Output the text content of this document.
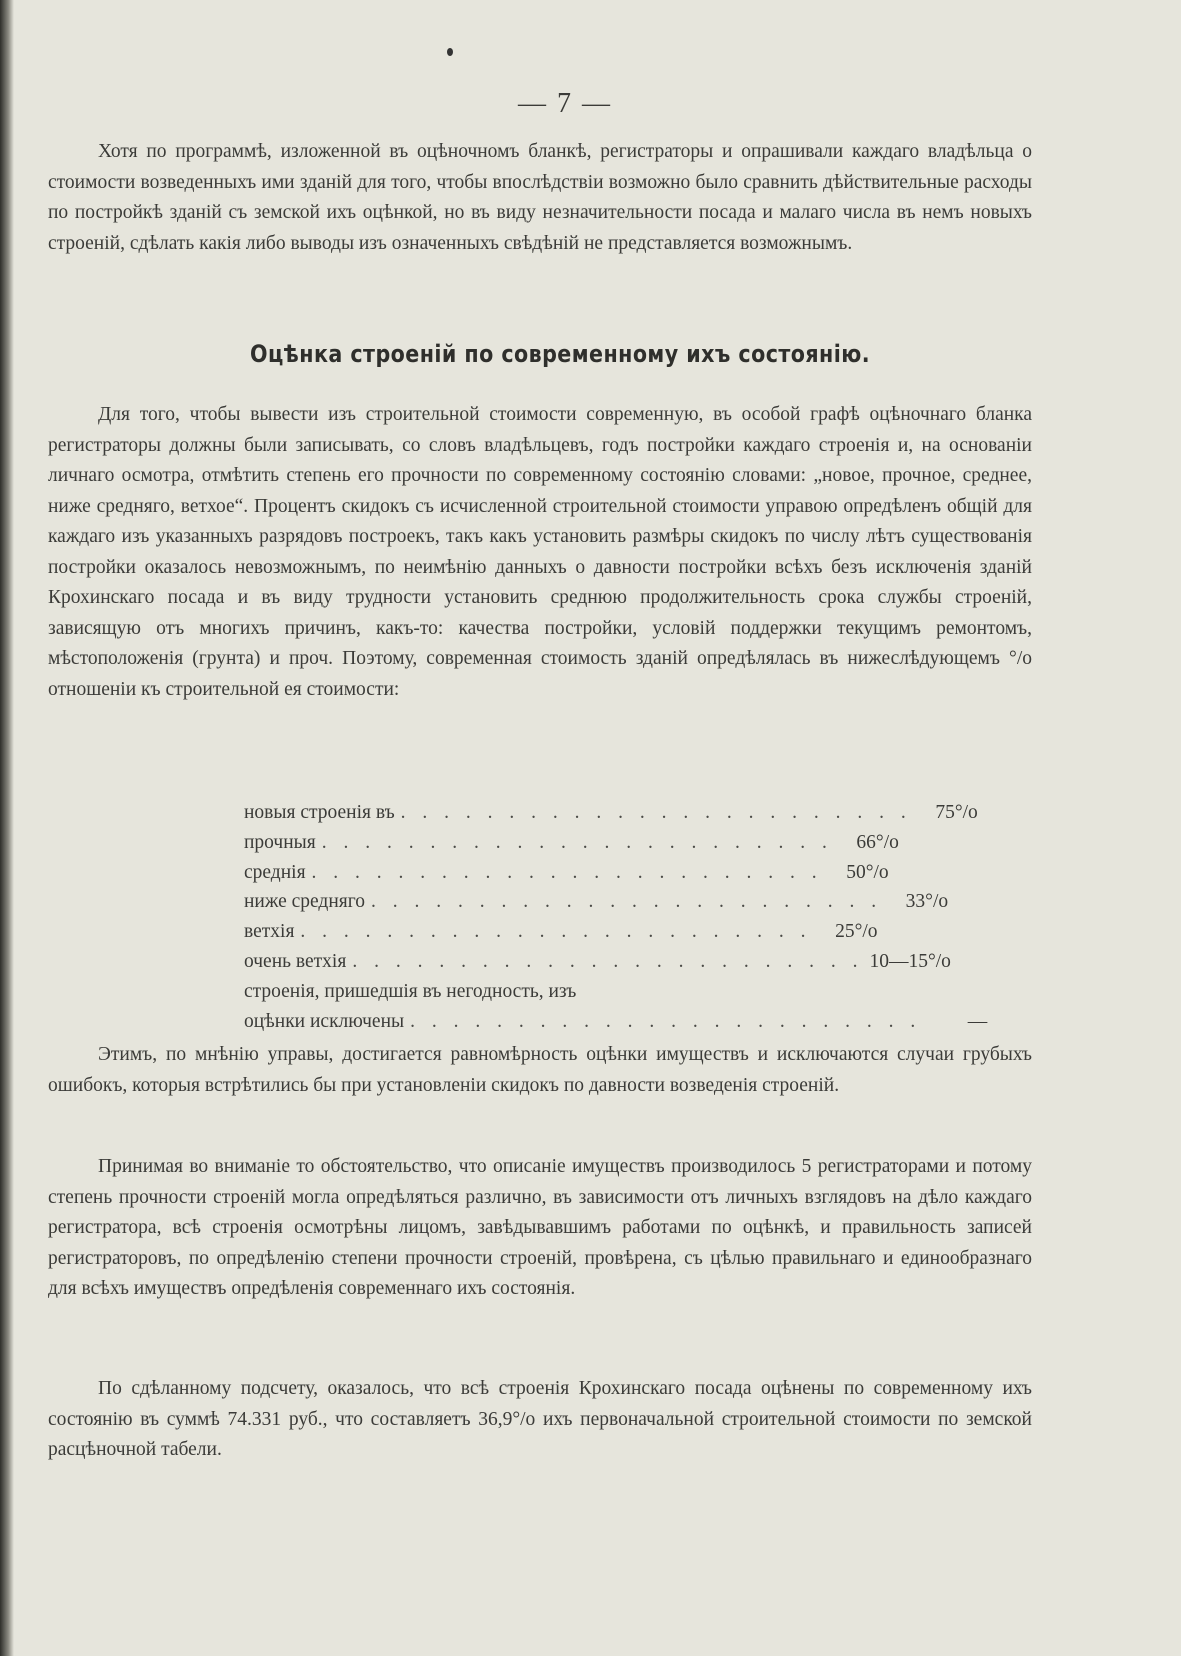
— 7 —

Хотя по программѣ, изложенной въ оцѣночномъ бланкѣ, регистраторы и опрашивали каждаго владѣльца о стоимости возведенныхъ ими зданій для того, чтобы впослѣдствіи возможно было сравнить дѣйствительные расходы по постройкѣ зданій съ земской ихъ оцѣнкой, но въ виду незначительности посада и малаго числа въ немъ новыхъ строеній, сдѣлать какія либо выводы изъ означенныхъ свѣдѣній не представляется возможнымъ.

Оцѣнка строеній по современному ихъ состоянію.

Для того, чтобы вывести изъ строительной стоимости современную, въ особой графѣ оцѣночнаго бланка регистраторы должны были записывать, со словъ владѣльцевъ, годъ постройки каждаго строенія и, на основаніи личнаго осмотра, отмѣтить степень его прочности по современному состоянію словами: „новое, прочное, среднее, ниже средняго, ветхое“. Процентъ скидокъ съ исчисленной строительной стоимости управою опредѣленъ общій для каждаго изъ указанныхъ разрядовъ построекъ, такъ какъ установить размѣры скидокъ по числу лѣтъ существованія постройки оказалось невозможнымъ, по неимѣнію данныхъ о давности постройки всѣхъ безъ исключенія зданій Крохинскаго посада и въ виду трудности установить среднюю продолжительность срока службы строеній, зависящую отъ многихъ причинъ, какъ-то: качества постройки, условій поддержки текущимъ ремонтомъ, мѣстоположенія (грунта) и проч. Поэтому, современная стоимость зданій опредѣлялась въ нижеслѣдующемъ °/o отношеніи къ строительной ея стоимости:

новыя строенія въ . . . . . . . . . . . . . . . . . . . . . . . .	75°/o
прочныя . . . . . . . . . . . . . . . . . . . . . . . .	66°/o
среднія . . . . . . . . . . . . . . . . . . . . . . . .	50°/o
ниже средняго . . . . . . . . . . . . . . . . . . . . . . . .	33°/o
ветхія . . . . . . . . . . . . . . . . . . . . . . . .	25°/o
очень ветхія . . . . . . . . . . . . . . . . . . . . . . . . 10—15°/o
строенія, пришедшія въ негодность, изъ
оцѣнки исключены . . . . . . . . . . . . . . . . . . . . . . . .	—

Этимъ, по мнѣнію управы, достигается равномѣрность оцѣнки имуществъ и исключаются случаи грубыхъ ошибокъ, которыя встрѣтились бы при установленіи скидокъ по давности возведенія строеній.

Принимая во вниманіе то обстоятельство, что описаніе имуществъ производилось 5 регистраторами и потому степень прочности строеній могла опредѣляться различно, въ зависимости отъ личныхъ взглядовъ на дѣло каждаго регистратора, всѣ строенія осмотрѣны лицомъ, завѣдывавшимъ работами по оцѣнкѣ, и правильность записей регистраторовъ, по опредѣленію степени прочности строеній, провѣрена, съ цѣлью правильнаго и единообразнаго для всѣхъ имуществъ опредѣленія современнаго ихъ состоянія.

По сдѣланному подсчету, оказалось, что всѣ строенія Крохинскаго посада оцѣнены по современному ихъ состоянію въ суммѣ 74.331 руб., что составляетъ 36,9°/o ихъ первоначальной строительной стоимости по земской расцѣночной табели.
